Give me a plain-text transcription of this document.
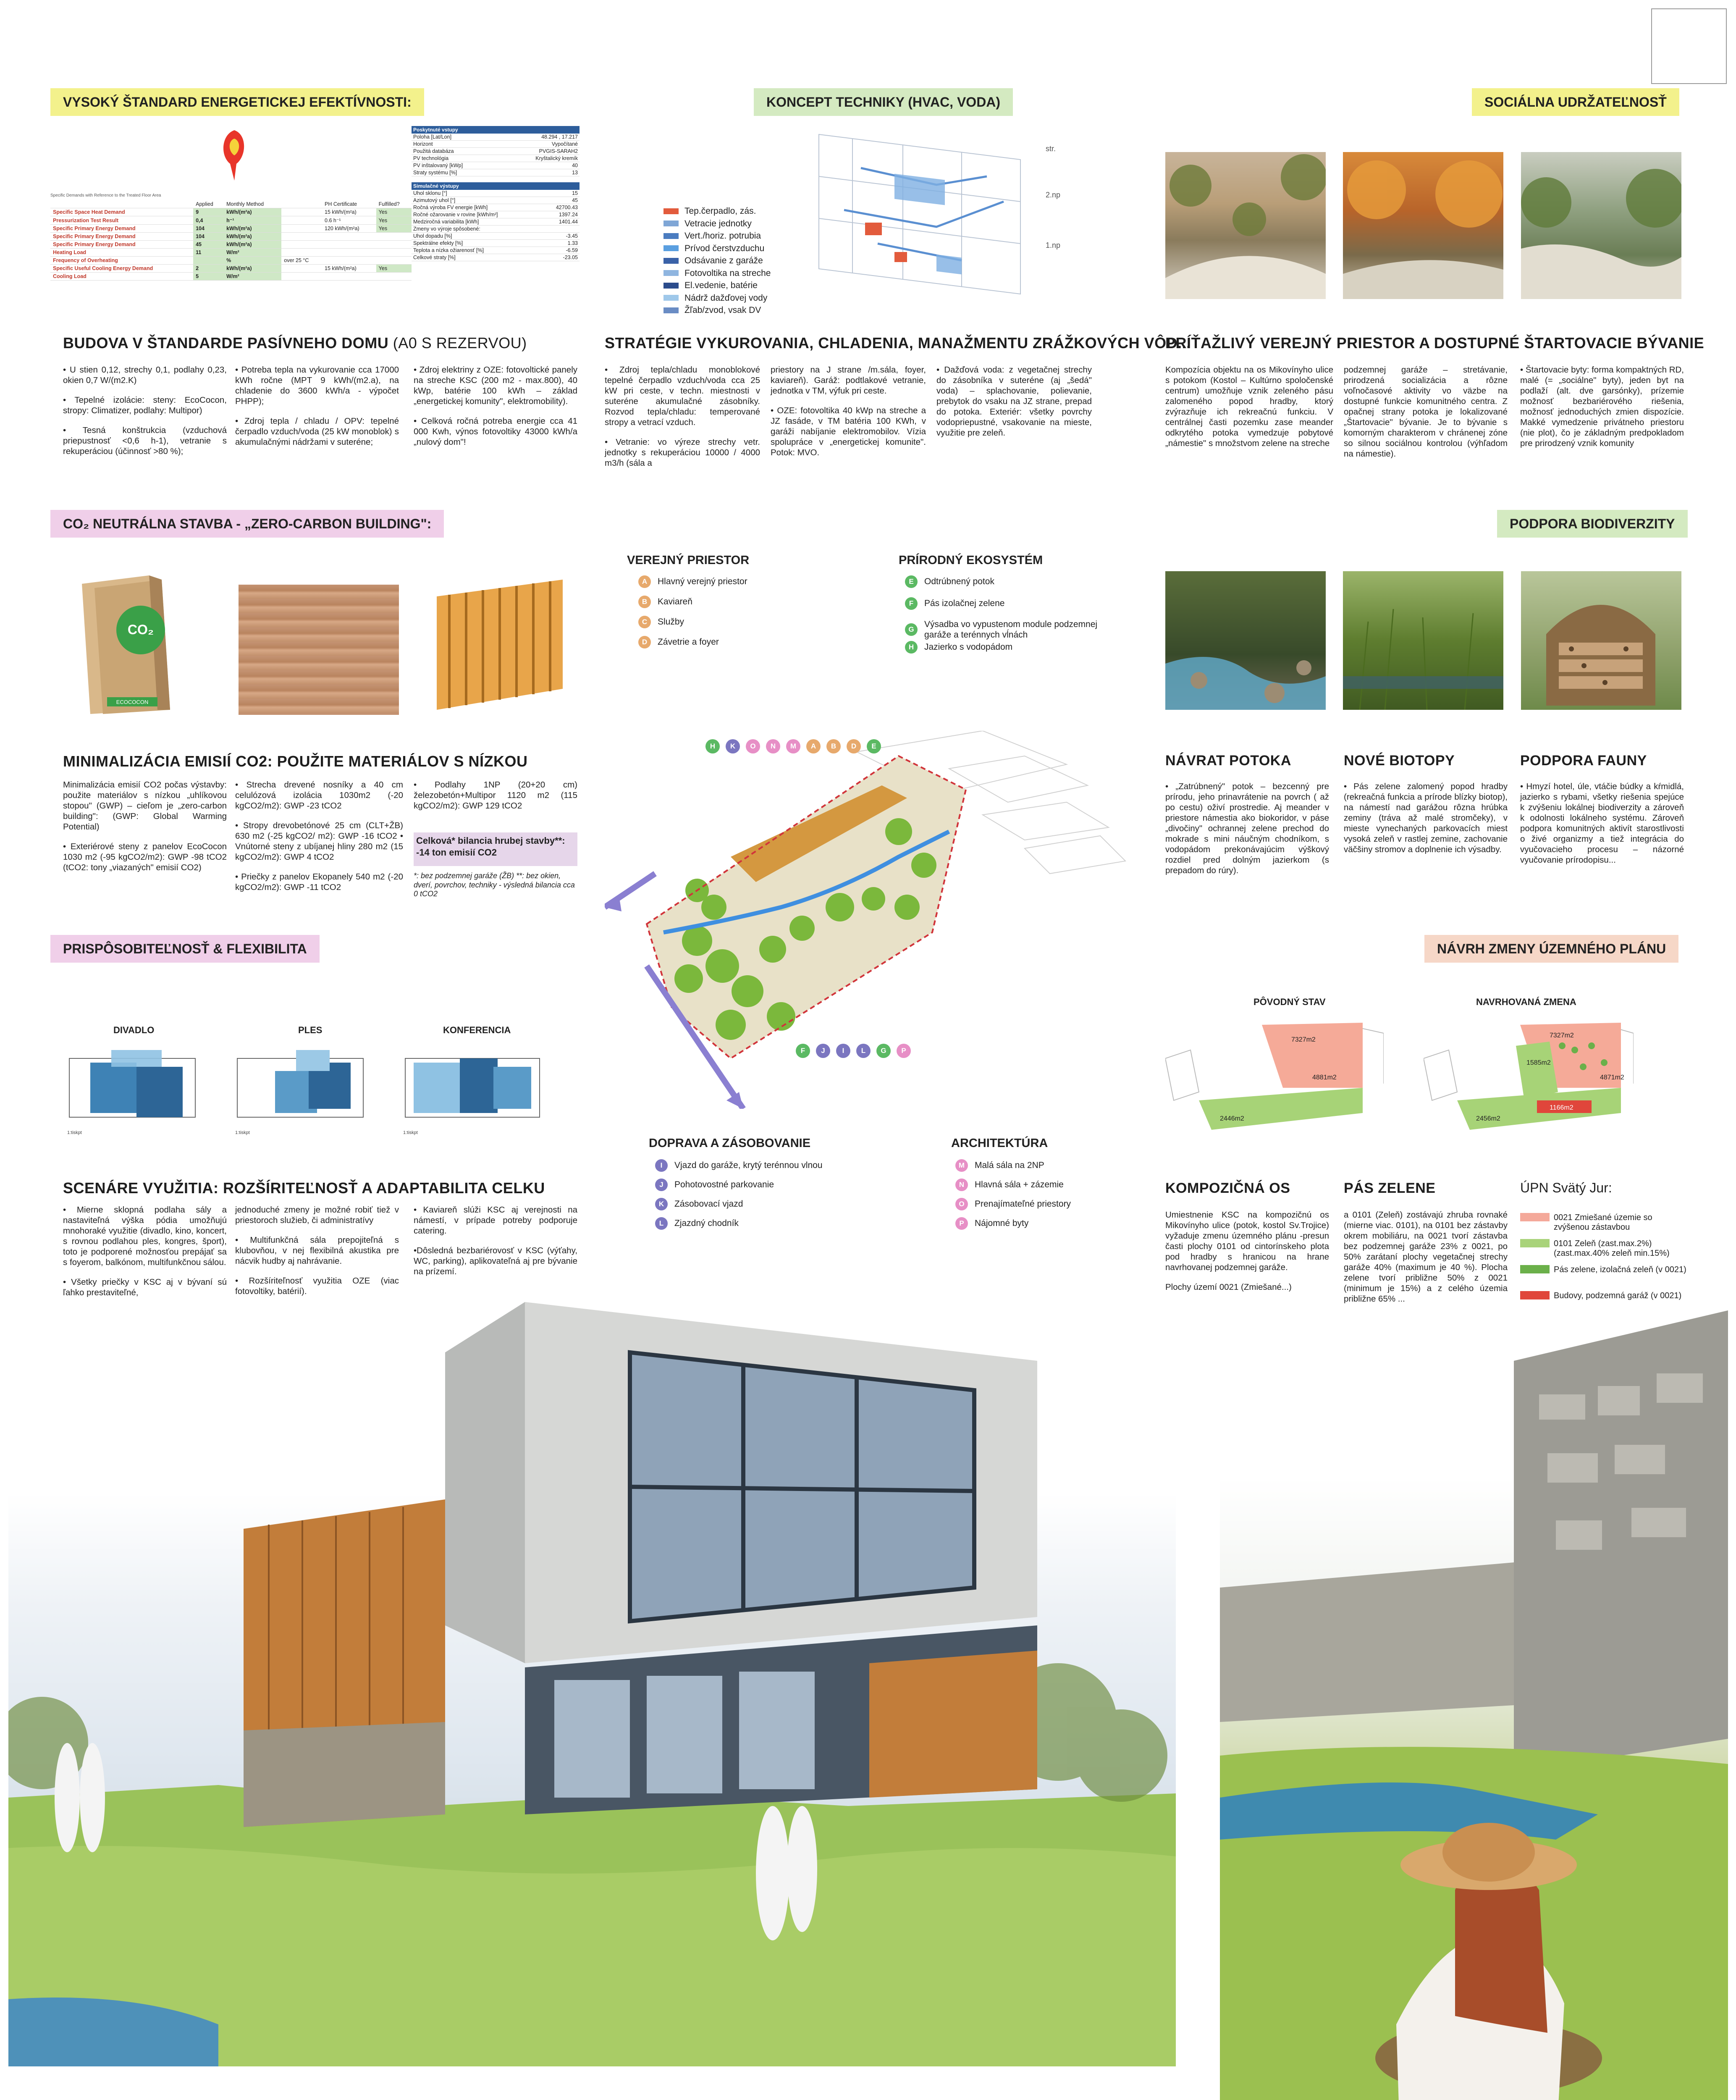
VYSOKÝ ŠTANDARD ENERGETICKEJ EFEKTÍVNOSTI:	KONCEPT TECHNIKY (HVAC, VODA)	SOCIÁLNA UDRŽATEĽNOSŤ
Specific Demands with Reference to the Treated Floor Area
	Applied	Monthly Method		PH Certificate	Fulfilled?
Specific Space Heat Demand	9	kWh/(m²a)		15 kWh/(m²a)	Yes
Pressurization Test Result	0,4	h⁻¹		0.6 h⁻¹	Yes
Specific Primary Energy Demand	104	kWh/(m²a)		120 kWh/(m²a)	Yes
Specific Primary Energy Demand	104	kWh/(m²a)			
Specific Primary Energy Demand	45	kWh/(m²a)			
Heating Load	11	W/m²			
Frequency of Overheating		%	over 25 °C		
Specific Useful Cooling Energy Demand	2	kWh/(m²a)		15 kWh/(m²a)	Yes
Cooling Load	5	W/m²			
Poskytnuté vstupy
Poloha [Lat/Lon]	48.294 , 17.217
Horizont	Vypočítané
Použitá databáza	PVGIS-SARAH2
PV technológia	Kryštalický kremík
PV inštalovaný [kWp]	40
Straty systému [%]	13
Simulačné výstupy
Uhol sklonu [°]	15
Azimutový uhol [°]	45
Ročná výroba FV energie [kWh]	42700.43
Ročné ožarovanie v rovine [kWh/m²]	1397.24
Medziročná variabilita [kWh]	1401.44
Zmeny vo výroje spôsobené:	
Uhol dopadu [%]	-3.45
Spektrálne efekty [%]	1.33
Teplota a nízka ožiarenosť [%]	-6.59
Celkové straty [%]	-23.05
BUDOVA V ŠTANDARDE PASÍVNEHO DOMU (A0 S REZERVOU)

• U stien 0,12, strechy 0,1, podlahy 0,23, okien 0,7 W/(m2.K)

• Tepelné izolácie: steny: EcoCocon, stropy: Climatizer, podlahy: Multipor)

• Tesná konštrukcia (vzduchová priepustnosť <0,6 h-1), vetranie s rekuperáciou (účinnosť >80 %);

• Potreba tepla na vykurovanie cca 17000 kWh ročne (MPT 9 kWh/(m2.a), na chladenie do 3600 kWh/a - výpočet PHPP);

• Zdroj tepla / chladu / OPV: tepelné čerpadlo vzduch/voda (25 kW monoblok) s akumulačnými nádržami v suteréne;

• Zdroj elektriny z OZE: fotovoltické panely na streche KSC (200 m2 - max.800), 40 kWp, batérie 100 kWh – základ „energetickej komunity", elektromobility).

• Celková ročná potreba energie cca 41 000 Kwh, výnos fotovoltiky 43000 kWh/a „nulový dom"!

str.
2.np
1.np
Tep.čerpadlo, zás.
Vetracie jednotky
Vert./horiz. potrubia
Prívod čerstvzduchu
Odsávanie z garáže
Fotovoltika na streche
El.vedenie, batérie
Nádrž dažďovej vody
Žľab/zvod, vsak DV
STRATÉGIE VYKUROVANIA, CHLADENIA, MANAŽMENTU ZRÁŽKOVÝCH VÔD...

• Zdroj tepla/chladu monoblokové tepelné čerpadlo vzduch/voda cca 25 kW pri ceste, v techn. miestnosti v suteréne akumulačné zásobníky. Rozvod tepla/chladu: temperované stropy a vetrací vzduch.

• Vetranie: vo výreze strechy vetr. jednotky s rekuperáciou 10000 / 4000 m3/h (sála a

priestory na J strane /m.sála, foyer, kaviareň). Garáž: podtlakové vetranie, jednotka v TM, výfuk pri ceste.

• OZE: fotovoltika 40 kWp na streche a JZ fasáde, v TM batéria 100 KWh, v garáži nabíjanie elektromobilov. Vízia spolupráce v „energetickej komunite". Potok: MVO.

• Dažďová voda: z vegetačnej strechy do zásobníka v suteréne (aj „šedá" voda) – splachovanie, polievanie, prebytok do vsaku na JZ strane, prepad do potoka. Exteriér: všetky povrchy vodopriepustné, vsakovanie na mieste, využitie pre zeleň.

PRÍŤAŽLIVÝ VEREJNÝ PRIESTOR A DOSTUPNÉ ŠTARTOVACIE BÝVANIE
Kompozícia objektu na os Mikovínyho ulice s potokom (Kostol – Kultúrno spoločenské centrum) umožňuje vznik zeleného pásu zalomeného popod hradby, ktorý zvýrazňuje ich rekreačnú funkciu. V centrálnej časti pozemku zase meander odkrytého potoka vymedzuje pobytové „námestie" s množstvom zelene na streche
podzemnej garáže – stretávanie, prirodzená socializácia a rôzne voľnočasové aktivity vo väzbe na dostupné funkcie komunitného centra. Z opačnej strany potoka je lokalizované „Štartovacie" bývanie. Je to bývanie s komorným charakterom v chránenej zóne so silnou sociálnou kontrolou (výhľadom na námestie).
• Štartovacie byty: forma kompaktných RD, malé (= „sociálne" byty), jeden byt na podlaží (alt. dve garsónky), prízemie možnosť bezbariérového riešenia, možnosť jednoduchých zmien dispozície. Makké vymedzenie privátneho priestoru (nie plot), čo je základným predpokladom pre prirodzený vznik komunity
CO₂ NEUTRÁLNA STAVBA - „ZERO-CARBON BUILDING":	PODPORA BIODIVERZITY
CO₂
ECOCOCON
MINIMALIZÁCIA EMISIÍ CO2: POUŽITE MATERIÁLOV S NÍZKOU

Minimalizácia emisií CO2 počas výstavby: použite materiálov s nízkou „uhlíkovou stopou" (GWP) – cieľom je „zero-carbon building": (GWP: Global Warming Potential)

• Exteriérové steny z panelov EcoCocon 1030 m2 (-95 kgCO2/m2): GWP -98 tCO2 (tCO2: tony „viazaných" emisií CO2)

• Strecha drevené nosníky a 40 cm celulózová izolácia 1030m2 (-20 kgCO2/m2): GWP -23 tCO2

• Stropy drevobetónové 25 cm (CLT+ŽB) 630 m2 (-25 kgCO2/ m2): GWP -16 tCO2 • Vnútorné steny z ubíjanej hliny 280 m2 (15 kgCO2/m2): GWP 4 tCO2

• Priečky z panelov Ekopanely 540 m2 (-20 kgCO2/m2): GWP -11 tCO2

• Podlahy 1NP (20+20 cm) železobetón+Multipor 1120 m2 (115 kgCO2/m2): GWP 129 tCO2

Celková* bilancia hrubej stavby**: -14 ton emisií CO2
*: bez podzemnej garáže (ŽB) **: bez okien, dverí, povrchov, techniky - výsledná bilancia cca 0 tCO2
VEREJNÝ PRIESTOR
A	Hlavný verejný priestor
B	Kaviareň
C	Služby
D	Závetrie a foyer
PRÍRODNÝ EKOSYSTÉM
E	Odtrúbnený potok
F	Pás izolačnej zelene
G
Výsadba vo vypustenom module podzemnej garáže a terénnych vĺnách
H	Jazierko s vodopádom
H	K	O	N	M	A	B	D	E
F	J	I	L	G	P
NÁVRAT POTOKA	NOVÉ BIOTOPY	PODPORA FAUNY
• „Zatrúbnený" potok – bezcenný pre prírodu, jeho prinavrátenie na povrch ( až po cestu) oživí prostredie. Aj meander v priestore námestia ako biokoridor, v páse „divočiny" ochrannej zelene prechod do mokrade s mini náučným chodníkom, s vodopádom prekonávajúcim výškový rozdiel pred dolným jazierkom (s prepadom do rúry).
• Pás zelene zalomený popod hradby (rekreačná funkcia a prírode blízky biotop), na námestí nad garážou rôzna hrúbka zeminy (tráva až malé stromčeky), v mieste vynechaných parkovacích miest vysoká zeleň v rastlej zemine, zachovanie väčšiny stromov a doplnenie ich výsadby.
• Hmyzí hotel, úle, vtáčie búdky a kŕmidlá, jazierko s rybami, všetky riešenia spejúce k zvýšeniu lokálnej biodiverzity a zároveň k odolnosti lokálneho systému. Zároveň podpora komunitných aktivít starostlivosti o živé organizmy a tiež integrácia do vyučovacieho procesu – názorné vyučovanie prírodopisu...
PRISPÔSOBITEĽNOSŤ & FLEXIBILITA	NÁVRH ZMENY ÚZEMNÉHO PLÁNU
DIVADLO	PLES	KONFERENCIA
1:tiskpt	1:tiskpt	1:tiskpt
SCENÁRE VYUŽITIA: ROZŠÍRITEĽNOSŤ A ADAPTABILITA CELKU

• Mierne sklopná podlaha sály a nastaviteľná výška pódia umožňujú mnohoraké využitie (divadlo, kino, koncert, s rovnou podlahou ples, kongres, šport), toto je podporené možnosťou prepájať sa s foyerom, balkónom, multifunkčnou sálou.

• Všetky priečky v KSC aj v bývaní sú ľahko prestaviteľné,

jednoduché zmeny je možné robiť tiež v priestoroch služieb, či administratívy

• Multifunkčná sála prepojiteľná s klubovňou, v nej flexibilná akustika pre nácvik hudby aj nahrávanie.

• Rozšíriteľnosť využitia OZE (viac fotovoltiky, batérií).

• Kaviareň slúži KSC aj verejnosti na námestí, v prípade potreby podporuje catering.

•Dôsledná bezbariérovosť v KSC (výťahy, WC, parking), aplikovateľná aj pre bývanie na prízemí.

DOPRAVA A ZÁSOBOVANIE
I	Vjazd do garáže, krytý terénnou vlnou
J	Pohotovostné parkovanie
K	Zásobovací vjazd
L	Zjazdný chodník
ARCHITEKTÚRA
M	Malá sála na 2NP
N	Hlavná sála + zázemie
O	Prenajímateľné priestory
P	Nájomné byty
PÔVODNÝ STAV	NAVRHOVANÁ ZMENA
7327m2
4881m2
2446m2
7327m2
1585m2
4871m2
2456m2
1166m2
KOMPOZIČNÁ OS	PÁS ZELENE

Umiestnenie KSC na kompozičnú os Mikovínyho ulice (potok, kostol Sv.Trojice) vyžaduje zmenu územného plánu -presun časti plochy 0101 od cintorínskeho plota pod hradby s hranicou na hrane navrhovanej podzemnej garáže.

Plochy území 0021 (Zmiešané...)

a 0101 (Zeleň) zostávajú zhruba rovnaké (mierne viac. 0101), na 0101 bez zástavby okrem mobiliáru, na 0021 tvorí zástavba bez podzemnej garáže 23% z 0021, po 50% zarátaní plochy vegetačnej strechy garáže 40% (maximum je 40 %). Plocha zelene tvorí približne 50% z 0021 (minimum je 15%) a z celého územia približne 65% ...
ÚPN Svätý Jur:
0021 Zmiešané územie so zvýšenou zástavbou
0101 Zeleň (zast.max.2%) (zast.max.40% zeleň min.15%)
Pás zelene, izolačná zeleň (v 0021)
Budovy, podzemná garáž (v 0021)
